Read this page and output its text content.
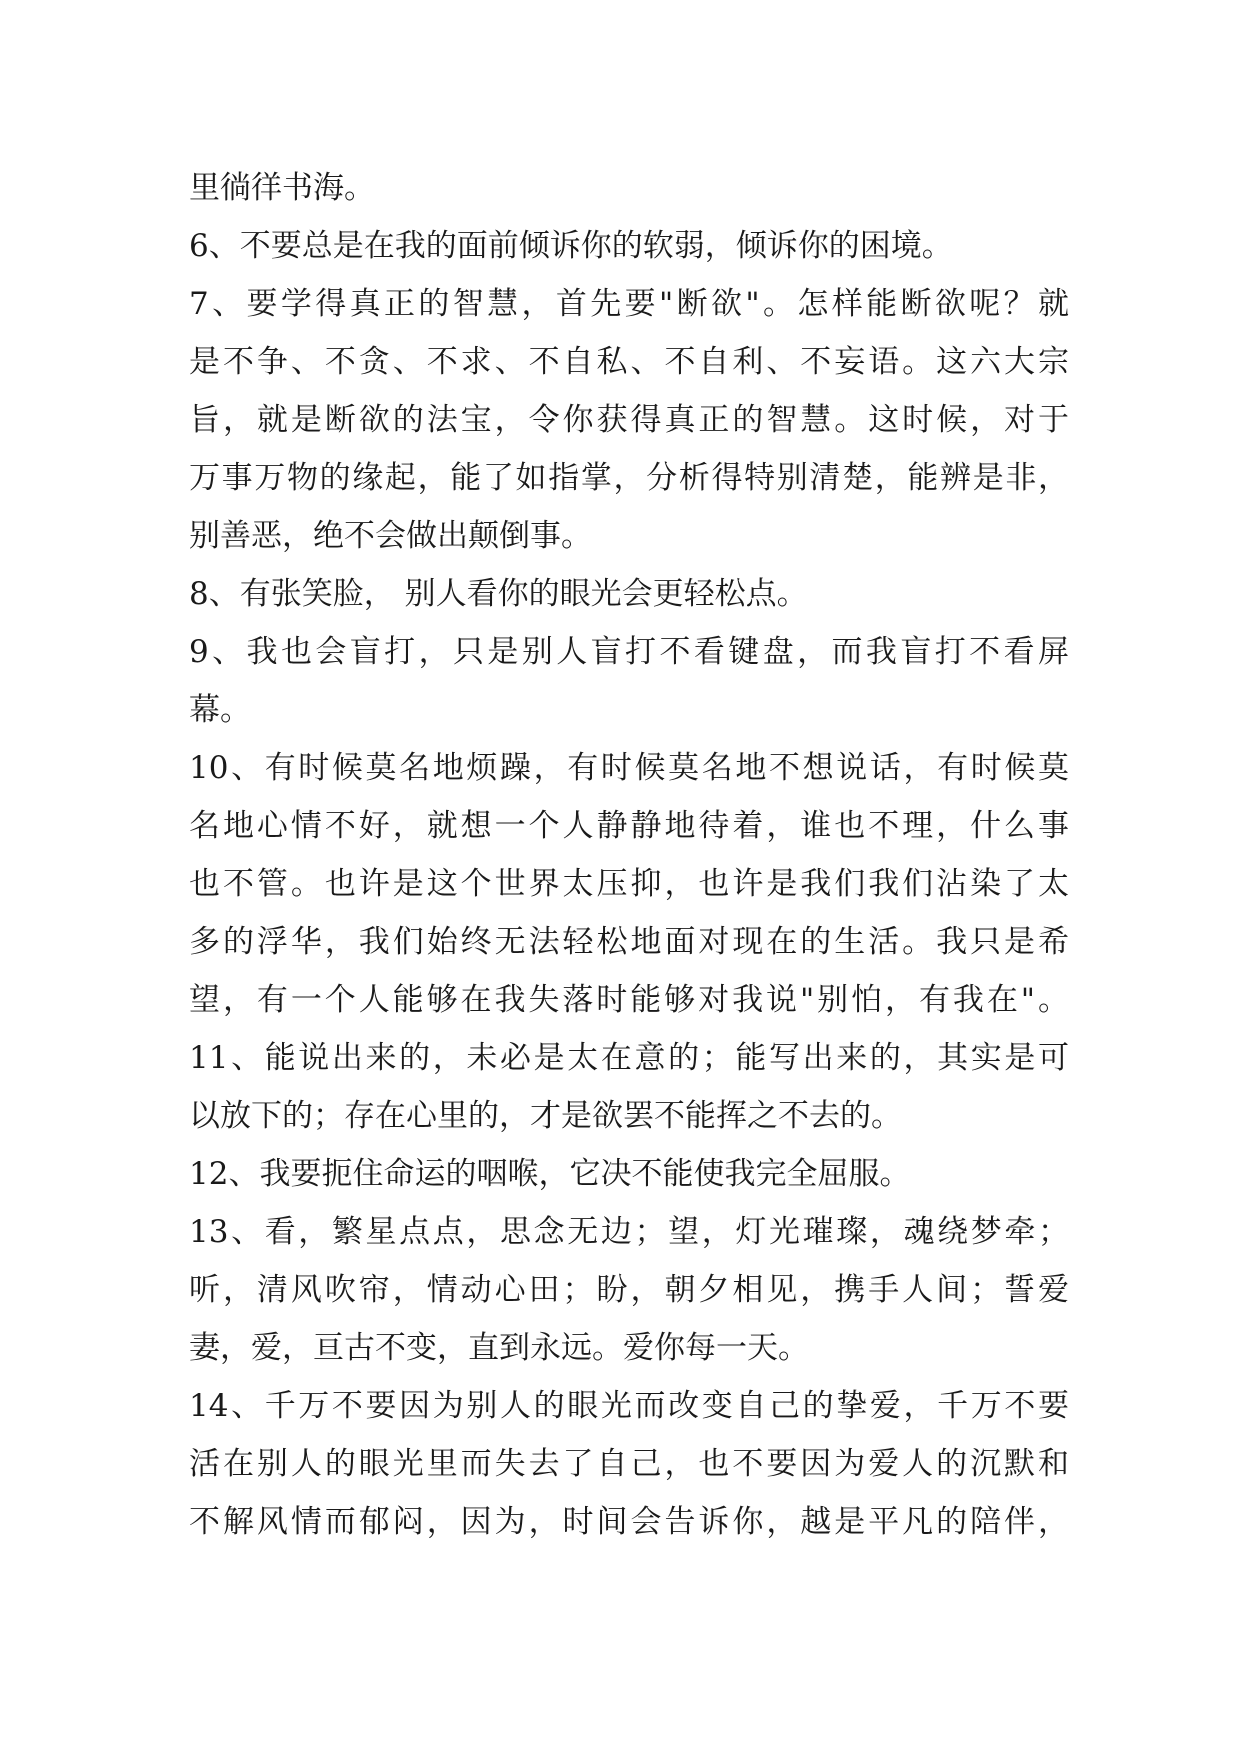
里徜徉书海。
6、不要总是在我的面前倾诉你的软弱，倾诉你的困境。
7、要学得真正的智慧，首先要"断欲"。怎样能断欲呢？就
是不争、不贪、不求、不自私、不自利、不妄语。这六大宗
旨，就是断欲的法宝，令你获得真正的智慧。这时候，对于
万事万物的缘起，能了如指掌，分析得特别清楚，能辨是非，
别善恶，绝不会做出颠倒事。
8、有张笑脸， 别人看你的眼光会更轻松点。
9、我也会盲打，只是别人盲打不看键盘，而我盲打不看屏
幕。
10、有时候莫名地烦躁，有时候莫名地不想说话，有时候莫
名地心情不好，就想一个人静静地待着，谁也不理，什么事
也不管。也许是这个世界太压抑，也许是我们我们沾染了太
多的浮华，我们始终无法轻松地面对现在的生活。我只是希
望，有一个人能够在我失落时能够对我说"别怕，有我在"。
11、能说出来的，未必是太在意的；能写出来的，其实是可
以放下的；存在心里的，才是欲罢不能挥之不去的。
12、我要扼住命运的咽喉，它决不能使我完全屈服。
13、看，繁星点点，思念无边；望，灯光璀璨，魂绕梦牵；
听，清风吹帘，情动心田；盼，朝夕相见，携手人间；誓爱
妻，爱，亘古不变，直到永远。爱你每一天。
14、千万不要因为别人的眼光而改变自己的挚爱，千万不要
活在别人的眼光里而失去了自己，也不要因为爱人的沉默和
不解风情而郁闷，因为，时间会告诉你，越是平凡的陪伴，
